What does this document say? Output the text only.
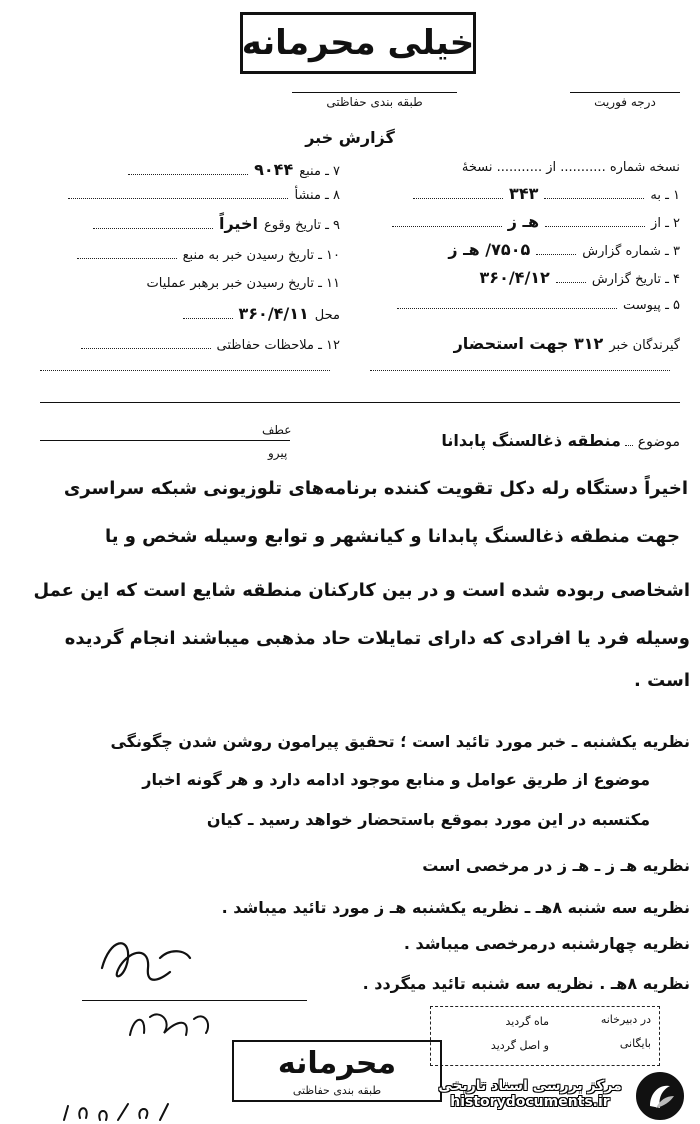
خیلی محرمانه
طبقه بندی حفاظتی	درجه فوریت
گزارش خبر
نسخه شماره ........... از ........... نسخهٔ
۱ ـ به
۳۴۳
۲ ـ از
هـ ز
۳ ـ شماره گزارش
۷۵۰۵/ هـ ز
۴ ـ تاریخ گزارش
۳۶۰/۴/۱۲
۵ ـ پیوست
گیرندگان خبر
۳۱۲ جهت استحضار
۷ ـ منبع
۹۰۴۴
۸ ـ منشأ
۹ ـ تاریخ وقوع
اخیراً
۱۰ ـ تاریخ رسیدن خبر به منبع
۱۱ ـ تاریخ رسیدن خبر برهبر عملیات
محل
۳۶۰/۴/۱۱
۱۲ ـ ملاحظات حفاظتی
عطف
پیرو
موضوع  منطقه ذغالسنگ پابدانا
اخیراً دستگاه رله دکل تقویت کننده برنامه‌های تلوزیونی شبکه سراسری
جهت منطقه ذغالسنگ پابدانا و کیانشهر و توابع وسیله شخص و یا
اشخاصی ربوده شده است و در بین کارکنان منطقه شایع است که این عمل
وسیله فرد یا افرادی که دارای تمایلات حاد مذهبی میباشند انجام گردیده
است .
نظریه یکشنبه ـ خبر مورد تائید است ؛ تحقیق پیرامون روشن شدن چگونگی
موضوع از طریق عوامل و منابع موجود ادامه دارد و هر گونه اخبار
مکتسبه در این مورد بموقع باستحضار خواهد رسید ـ کیان
نظریه هـ ز ـ هـ ز در مرخصی است
نظریه سه شنبه ۸هـ ـ نظریه یکشنبه هـ ز مورد تائید میباشد .
نظریه چهارشنبه درمرخصی میباشد .
نظریه ۸هـ . نظریه سه شنبه تائید میگردد .
در دبیرخانه
بایگانی
ماه گردید
و اصل گردید
محرمانه
طبقه بندی حفاظتی	مرکز بررسی اسناد تاریخی
historydocuments.ir
